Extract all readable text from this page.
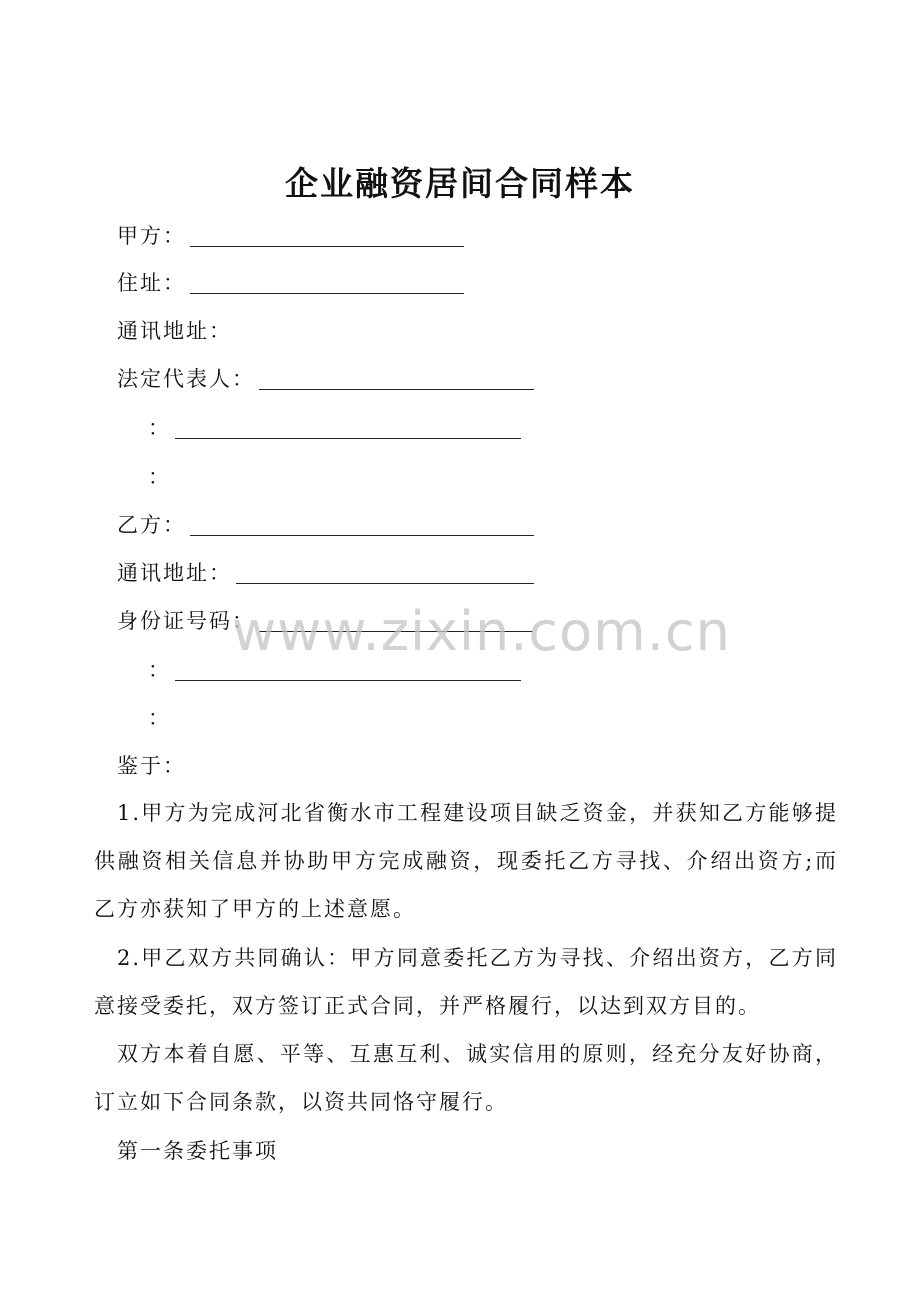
企业融资居间合同样本
甲方：
住址：
通讯地址：
法定代表人：
：
：
乙方：
通讯地址：
身份证号码：
：
：
鉴于：

1.甲方为完成河北省衡水市工程建设项目缺乏资金，并获知乙方能够提供融资相关信息并协助甲方完成融资，现委托乙方寻找、介绍出资方;而乙方亦获知了甲方的上述意愿。

2.甲乙双方共同确认：甲方同意委托乙方为寻找、介绍出资方，乙方同意接受委托，双方签订正式合同，并严格履行，以达到双方目的。

双方本着自愿、平等、互惠互利、诚实信用的原则，经充分友好协商，订立如下合同条款，以资共同恪守履行。

第一条委托事项
www.zixin.com.cn
